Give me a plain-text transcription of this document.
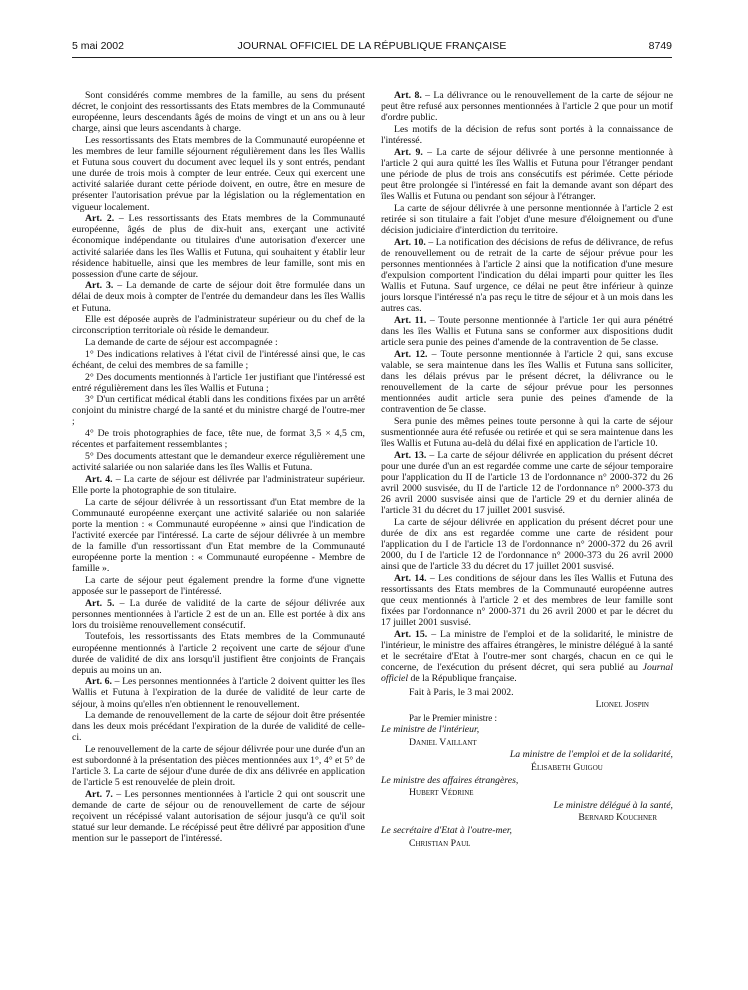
5 mai 2002	JOURNAL OFFICIEL DE LA RÉPUBLIQUE FRANÇAISE	8749

Sont considérés comme membres de la famille, au sens du présent décret, le conjoint des ressortissants des Etats membres de la Communauté européenne, leurs descendants âgés de moins de vingt et un ans ou à leur charge, ainsi que leurs ascendants à charge.

Les ressortissants des Etats membres de la Communauté européenne et les membres de leur famille séjournent régulièrement dans les îles Wallis et Futuna sous couvert du document avec lequel ils y sont entrés, pendant une durée de trois mois à compter de leur entrée. Ceux qui exercent une activité salariée durant cette période doivent, en outre, être en mesure de présenter l'autorisation prévue par la législation ou la réglementation en vigueur localement.

Art. 2. – Les ressortissants des Etats membres de la Communauté européenne, âgés de plus de dix-huit ans, exerçant une activité économique indépendante ou titulaires d'une autorisation d'exercer une activité salariée dans les îles Wallis et Futuna, qui souhaitent y établir leur résidence habituelle, ainsi que les membres de leur famille, sont mis en possession d'une carte de séjour.

Art. 3. – La demande de carte de séjour doit être formulée dans un délai de deux mois à compter de l'entrée du demandeur dans les îles Wallis et Futuna.

Elle est déposée auprès de l'administrateur supérieur ou du chef de la circonscription territoriale où réside le demandeur.

La demande de carte de séjour est accompagnée :

1° Des indications relatives à l'état civil de l'intéressé ainsi que, le cas échéant, de celui des membres de sa famille ;

2° Des documents mentionnés à l'article 1er justifiant que l'intéressé est entré régulièrement dans les îles Wallis et Futuna ;

3° D'un certificat médical établi dans les conditions fixées par un arrêté conjoint du ministre chargé de la santé et du ministre chargé de l'outre-mer ;

4° De trois photographies de face, tête nue, de format 3,5 × 4,5 cm, récentes et parfaitement ressemblantes ;

5° Des documents attestant que le demandeur exerce régulièrement une activité salariée ou non salariée dans les îles Wallis et Futuna.

Art. 4. – La carte de séjour est délivrée par l'administrateur supérieur. Elle porte la photographie de son titulaire.

La carte de séjour délivrée à un ressortissant d'un Etat membre de la Communauté européenne exerçant une activité salariée ou non salariée porte la mention : « Communauté européenne » ainsi que l'indication de l'activité exercée par l'intéressé. La carte de séjour délivrée à un membre de la famille d'un ressortissant d'un Etat membre de la Communauté européenne porte la mention : « Communauté européenne - Membre de famille ».

La carte de séjour peut également prendre la forme d'une vignette apposée sur le passeport de l'intéressé.

Art. 5. – La durée de validité de la carte de séjour délivrée aux personnes mentionnées à l'article 2 est de un an. Elle est portée à dix ans lors du troisième renouvellement consécutif.

Toutefois, les ressortissants des Etats membres de la Communauté européenne mentionnés à l'article 2 reçoivent une carte de séjour d'une durée de validité de dix ans lorsqu'il justifient être conjoints de Français depuis au moins un an.

Art. 6. – Les personnes mentionnées à l'article 2 doivent quitter les îles Wallis et Futuna à l'expiration de la durée de validité de leur carte de séjour, à moins qu'elles n'en obtiennent le renouvellement.

La demande de renouvellement de la carte de séjour doit être présentée dans les deux mois précédant l'expiration de la durée de validité de celle-ci.

Le renouvellement de la carte de séjour délivrée pour une durée d'un an est subordonné à la présentation des pièces mentionnées aux 1°, 4° et 5° de l'article 3. La carte de séjour d'une durée de dix ans délivrée en application de l'article 5 est renouvelée de plein droit.

Art. 7. – Les personnes mentionnées à l'article 2 qui ont souscrit une demande de carte de séjour ou de renouvellement de carte de séjour reçoivent un récépissé valant autorisation de séjour jusqu'à ce qu'il soit statué sur leur demande. Le récépissé peut être délivré par apposition d'une mention sur le passeport de l'intéressé.

Art. 8. – La délivrance ou le renouvellement de la carte de séjour ne peut être refusé aux personnes mentionnées à l'article 2 que pour un motif d'ordre public.

Les motifs de la décision de refus sont portés à la connaissance de l'intéressé.

Art. 9. – La carte de séjour délivrée à une personne mentionnée à l'article 2 qui aura quitté les îles Wallis et Futuna pour l'étranger pendant une période de plus de trois ans consécutifs est périmée. Cette période peut être prolongée si l'intéressé en fait la demande avant son départ des îles Wallis et Futuna ou pendant son séjour à l'étranger.

La carte de séjour délivrée à une personne mentionnée à l'article 2 est retirée si son titulaire a fait l'objet d'une mesure d'éloignement ou d'une décision judiciaire d'interdiction du territoire.

Art. 10. – La notification des décisions de refus de délivrance, de refus de renouvellement ou de retrait de la carte de séjour prévue pour les personnes mentionnées à l'article 2 ainsi que la notification d'une mesure d'expulsion comportent l'indication du délai imparti pour quitter les îles Wallis et Futuna. Sauf urgence, ce délai ne peut être inférieur à quinze jours lorsque l'intéressé n'a pas reçu le titre de séjour et à un mois dans les autres cas.

Art. 11. – Toute personne mentionnée à l'article 1er qui aura pénétré dans les îles Wallis et Futuna sans se conformer aux dispositions dudit article sera punie des peines d'amende de la contravention de 5e classe.

Art. 12. – Toute personne mentionnée à l'article 2 qui, sans excuse valable, se sera maintenue dans les îles Wallis et Futuna sans solliciter, dans les délais prévus par le présent décret, la délivrance ou le renouvellement de la carte de séjour prévue pour les personnes mentionnées audit article sera punie des peines d'amende de la contravention de 5e classe.

Sera punie des mêmes peines toute personne à qui la carte de séjour susmentionnée aura été refusée ou retirée et qui se sera maintenue dans les îles Wallis et Futuna au-delà du délai fixé en application de l'article 10.

Art. 13. – La carte de séjour délivrée en application du présent décret pour une durée d'un an est regardée comme une carte de séjour temporaire pour l'application du II de l'article 13 de l'ordonnance n° 2000-372 du 26 avril 2000 susvisée, du II de l'article 12 de l'ordonnance n° 2000-373 du 26 avril 2000 susvisée ainsi que de l'article 29 et du dernier alinéa de l'article 31 du décret du 17 juillet 2001 susvisé.

La carte de séjour délivrée en application du présent décret pour une durée de dix ans est regardée comme une carte de résident pour l'application du I de l'article 13 de l'ordonnance n° 2000-372 du 26 avril 2000, du I de l'article 12 de l'ordonnance n° 2000-373 du 26 avril 2000 ainsi que de l'article 33 du décret du 17 juillet 2001 susvisé.

Art. 14. – Les conditions de séjour dans les îles Wallis et Futuna des ressortissants des Etats membres de la Communauté européenne autres que ceux mentionnés à l'article 2 et des membres de leur famille sont fixées par l'ordonnance n° 2000-371 du 26 avril 2000 et par le décret du 17 juillet 2001 susvisé.

Art. 15. – La ministre de l'emploi et de la solidarité, le ministre de l'intérieur, le ministre des affaires étrangères, le ministre délégué à la santé et le secrétaire d'Etat à l'outre-mer sont chargés, chacun en ce qui le concerne, de l'exécution du présent décret, qui sera publié au Journal officiel de la République française.

Fait à Paris, le 3 mai 2002.
Lionel Jospin
Par le Premier ministre :
Le ministre de l'intérieur,
Daniel Vaillant
La ministre de l'emploi et de la solidarité,
Élisabeth Guigou
Le ministre des affaires étrangères,
Hubert Védrine
Le ministre délégué à la santé,
Bernard Kouchner
Le secrétaire d'Etat à l'outre-mer,
Christian Paul
